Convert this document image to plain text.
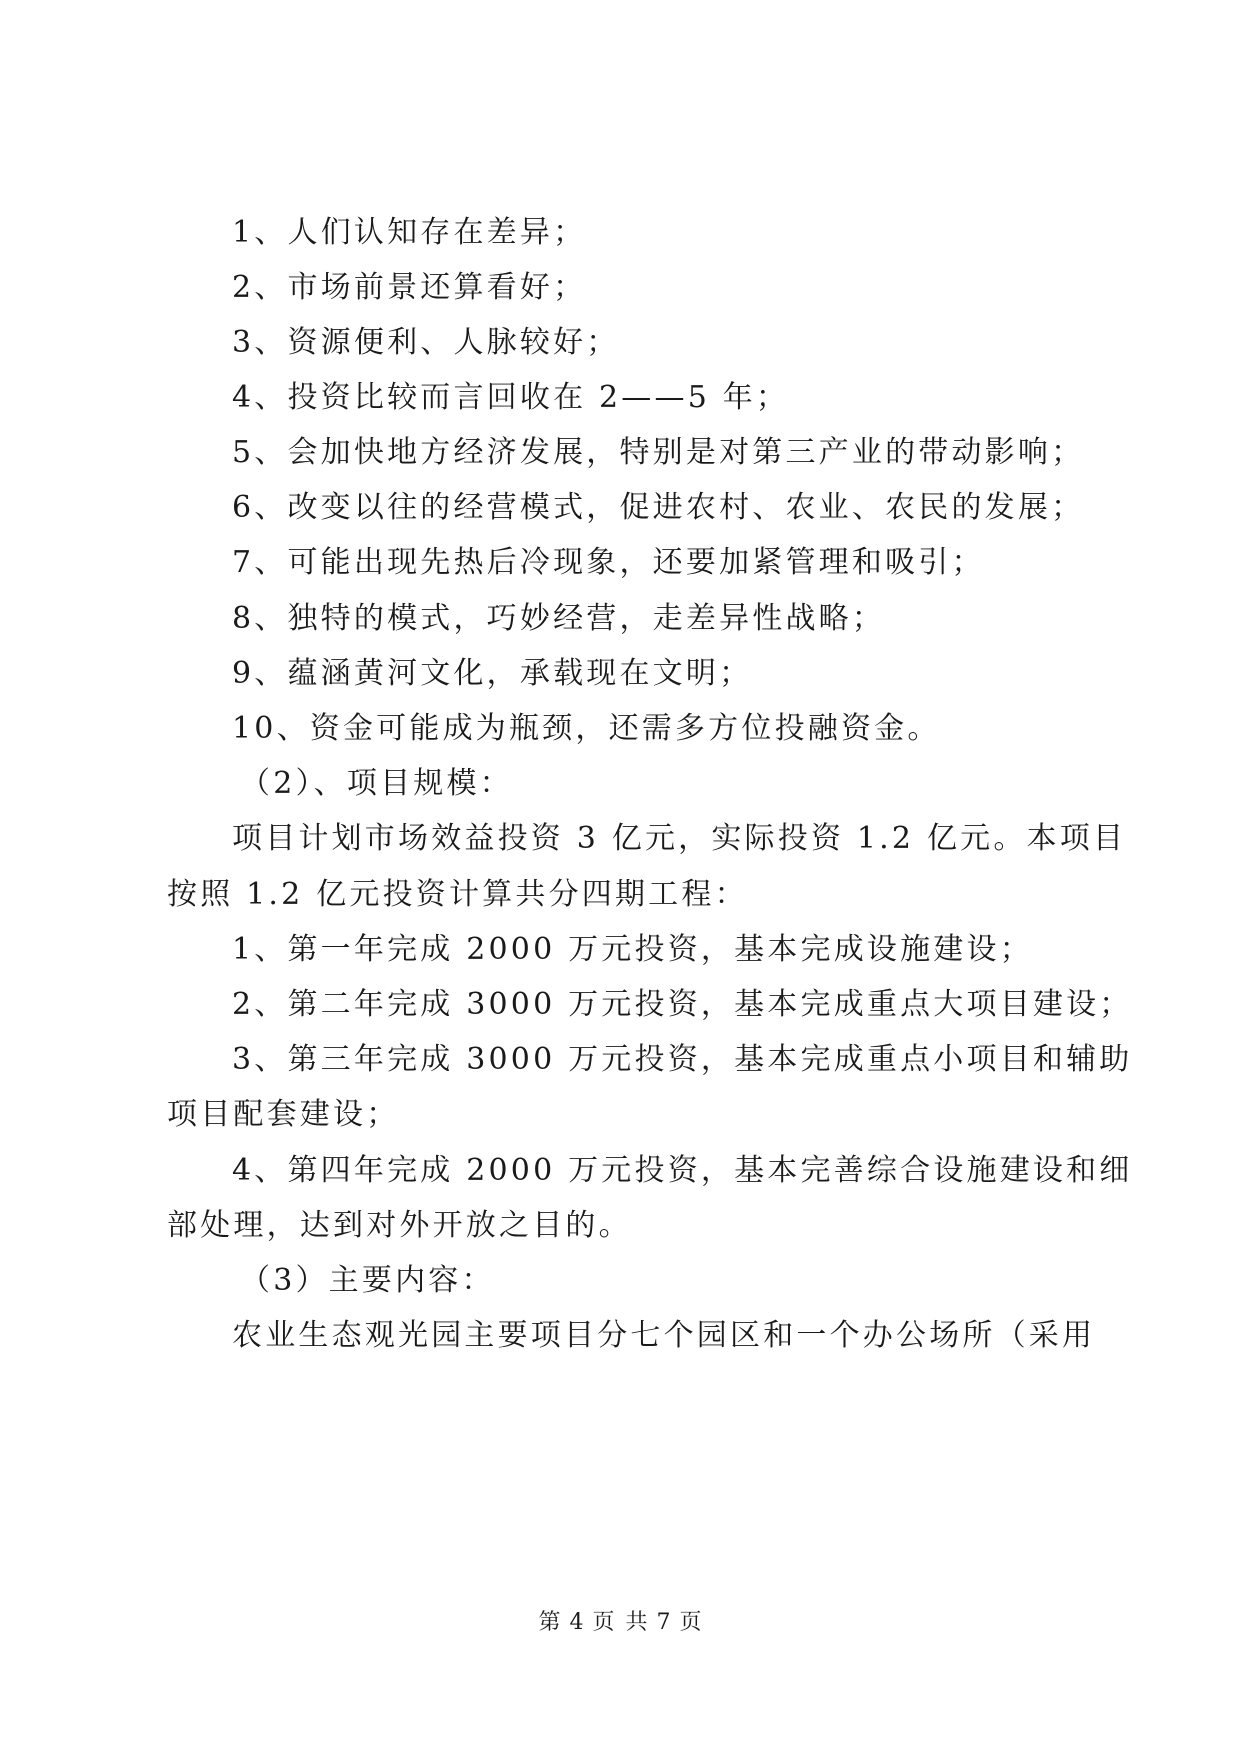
1、人们认知存在差异；
2、市场前景还算看好；
3、资源便利、人脉较好；
4、投资比较而言回收在 2——5 年；
5、会加快地方经济发展，特别是对第三产业的带动影响；
6、改变以往的经营模式，促进农村、农业、农民的发展；
7、可能出现先热后冷现象，还要加紧管理和吸引；
8、独特的模式，巧妙经营，走差异性战略；
9、蕴涵黄河文化，承载现在文明；
10、资金可能成为瓶颈，还需多方位投融资金。
（2）、项目规模：
项目计划市场效益投资 3 亿元，实际投资 1.2 亿元。本项目
按照 1.2 亿元投资计算共分四期工程：
1、第一年完成 2000 万元投资，基本完成设施建设；
2、第二年完成 3000 万元投资，基本完成重点大项目建设；
3、第三年完成 3000 万元投资，基本完成重点小项目和辅助
项目配套建设；
4、第四年完成 2000 万元投资，基本完善综合设施建设和细
部处理，达到对外开放之目的。
（3）主要内容：
农业生态观光园主要项目分七个园区和一个办公场所（采用
第 4 页 共 7 页
